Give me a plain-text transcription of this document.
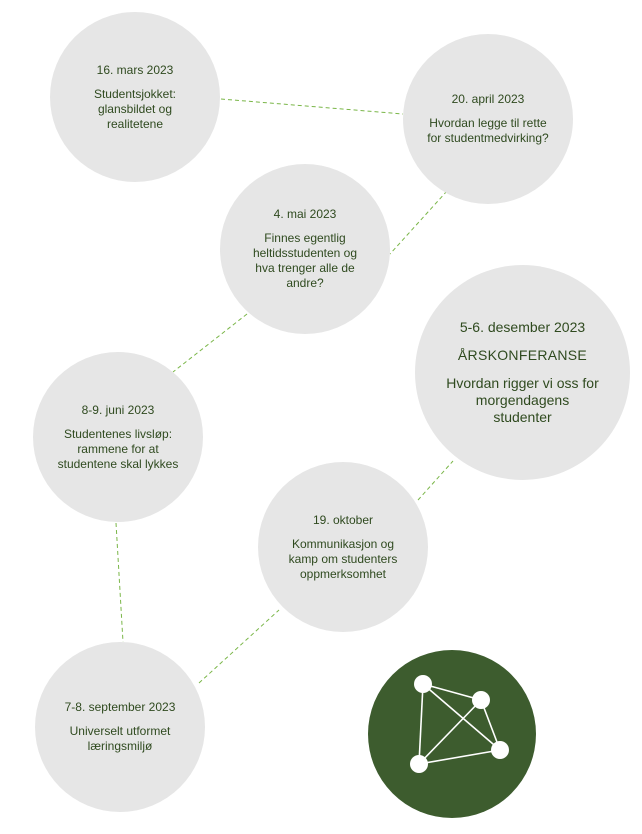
16. mars 2023
Studentsjokket: glansbildet og realitetene
20. april 2023
Hvordan legge til rette for studentmedvirking?
4. mai 2023
Finnes egentlig heltidsstudenten og hva trenger alle de andre?
5-6. desember 2023
ÅRSKONFERANSE
Hvordan rigger vi oss for morgendagens studenter
8-9. juni 2023
Studentenes livsløp: rammene for at studentene skal lykkes
19. oktober
Kommunikasjon og kamp om studenters oppmerksomhet
7-8. september 2023
Universelt utformet læringsmiljø
